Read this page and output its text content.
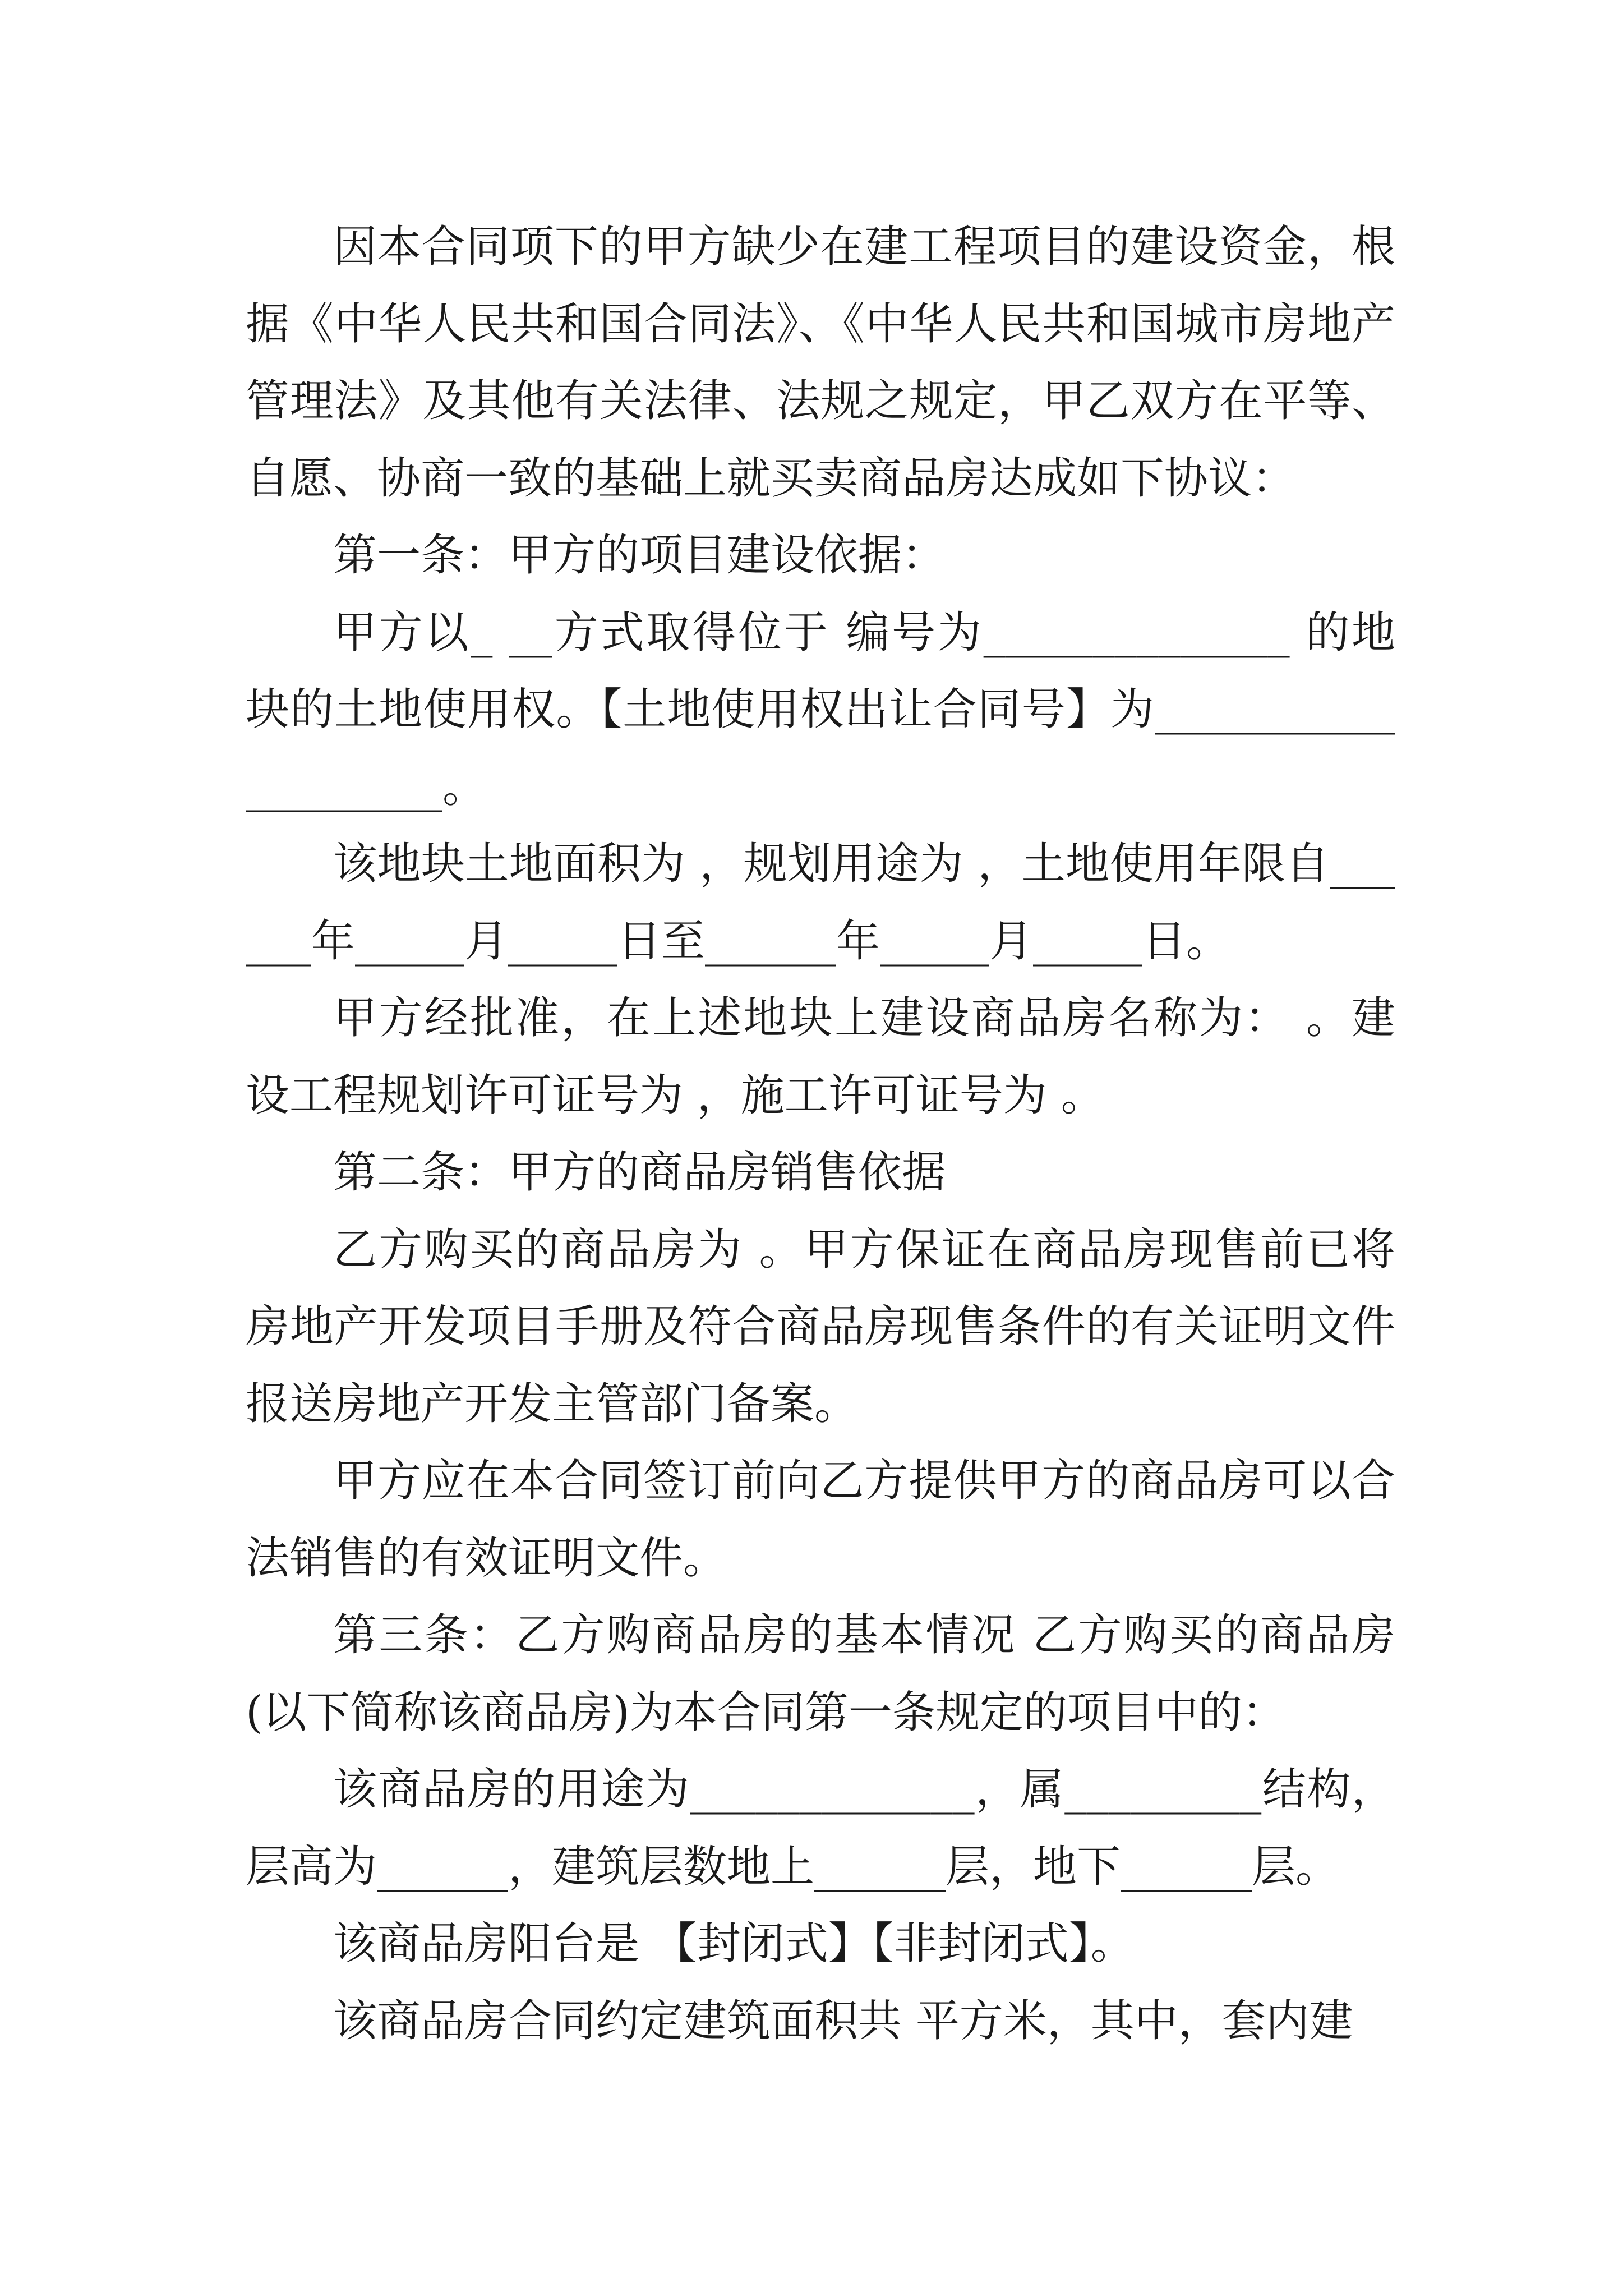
因本合同项下的甲方缺少在建工程项目的建设资金，根据《中华人民共和国合同法》、《中华人民共和国城市房地产管理法》及其他有关法律、法规之规定，甲乙双方在平等、自愿、协商一致的基础上就买卖商品房达成如下协议：

第一条：甲方的项目建设依据：

甲方以_ __方式取得位于 编号为______________ 的地块的土地使用权。【土地使用权出让合同号】为____________________。

该地块土地面积为 ，规划用途为 ，土地使用年限自______年_____月_____日至______年_____月_____日。

甲方经批准，在上述地块上建设商品房名称为： 。建设工程规划许可证号为 ，施工许可证号为 。

第二条：甲方的商品房销售依据

乙方购买的商品房为 。甲方保证在商品房现售前已将房地产开发项目手册及符合商品房现售条件的有关证明文件报送房地产开发主管部门备案。

甲方应在本合同签订前向乙方提供甲方的商品房可以合法销售的有效证明文件。

第三条：乙方购商品房的基本情况 乙方购买的商品房(以下简称该商品房)为本合同第一条规定的项目中的：

该商品房的用途为_____________，属_________结构，层高为______，建筑层数地上______层，地下______层。

该商品房阳台是 【封闭式】【非封闭式】。

该商品房合同约定建筑面积共 平方米，其中，套内建
